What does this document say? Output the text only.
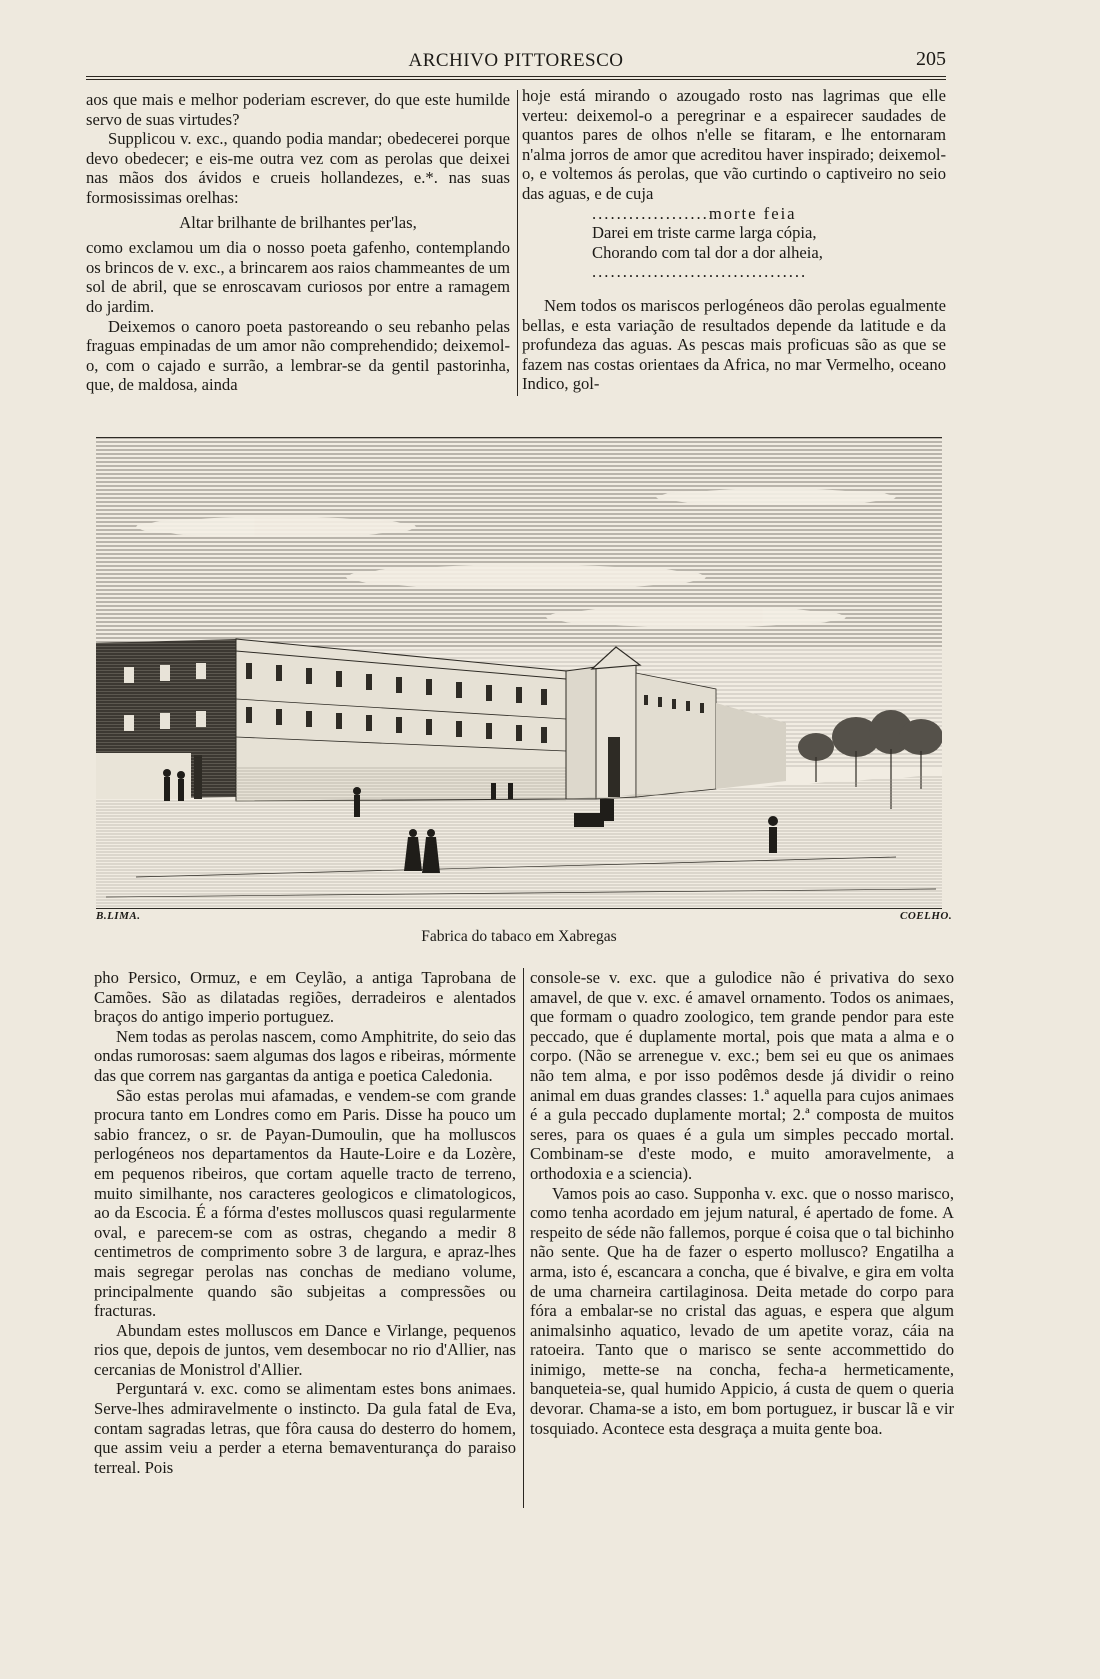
ARCHIVO PITTORESCO	205

aos que mais e melhor poderiam escrever, do que este humilde servo de suas virtudes?

Supplicou v. exc., quando podia mandar; obedecerei porque devo obedecer; e eis-me outra vez com as perolas que deixei nas mãos dos ávidos e crueis hollandezes, e.*. nas suas formosissimas orelhas:

Altar brilhante de brilhantes per'las,

como exclamou um dia o nosso poeta gafenho, contemplando os brincos de v. exc., a brincarem aos raios chammeantes de um sol de abril, que se enroscavam curiosos por entre a ramagem do jardim.

Deixemos o canoro poeta pastoreando o seu rebanho pelas fraguas empinadas de um amor não comprehendido; deixemol-o, com o cajado e surrão, a lembrar-se da gentil pastorinha, que, de maldosa, ainda

hoje está mirando o azougado rosto nas lagrimas que elle verteu: deixemol-o a peregrinar e a espairecer saudades de quantos pares de olhos n'elle se fitaram, e lhe entornaram n'alma jorros de amor que acreditou haver inspirado; deixemol-o, e voltemos ás perolas, que vão curtindo o captiveiro no seio das aguas, e de cuja

...................morte feia

Darei em triste carme larga cópia,

Chorando com tal dor a dor alheia,

...................................

Nem todos os mariscos perlogéneos dão perolas egualmente bellas, e esta variação de resultados depende da latitude e da profundeza das aguas. As pescas mais proficuas são as que se fazem nas costas orientaes da Africa, no mar Vermelho, oceano Indico, gol-

B.LIMA.	COELHO.
Fabrica do tabaco em Xabregas

pho Persico, Ormuz, e em Ceylão, a antiga Taprobana de Camões. São as dilatadas regiões, derradeiros e alentados braços do antigo imperio portuguez.

Nem todas as perolas nascem, como Amphitrite, do seio das ondas rumorosas: saem algumas dos lagos e ribeiras, mórmente das que correm nas gargantas da antiga e poetica Caledonia.

São estas perolas mui afamadas, e vendem-se com grande procura tanto em Londres como em Paris. Disse ha pouco um sabio francez, o sr. de Payan-Dumoulin, que ha molluscos perlogéneos nos departamentos da Haute-Loire e da Lozère, em pequenos ribeiros, que cortam aquelle tracto de terreno, muito similhante, nos caracteres geologicos e climatologicos, ao da Escocia. É a fórma d'estes molluscos quasi regularmente oval, e parecem-se com as ostras, chegando a medir 8 centimetros de comprimento sobre 3 de largura, e apraz-lhes mais segregar perolas nas conchas de mediano volume, principalmente quando são subjeitas a compressões ou fracturas.

Abundam estes molluscos em Dance e Virlange, pequenos rios que, depois de juntos, vem desembocar no rio d'Allier, nas cercanias de Monistrol d'Allier.

Perguntará v. exc. como se alimentam estes bons animaes. Serve-lhes admiravelmente o instincto. Da gula fatal de Eva, contam sagradas letras, que fôra causa do desterro do homem, que assim veiu a perder a eterna bemaventurança do paraiso terreal. Pois

console-se v. exc. que a gulodice não é privativa do sexo amavel, de que v. exc. é amavel ornamento. Todos os animaes, que formam o quadro zoologico, tem grande pendor para este peccado, que é duplamente mortal, pois que mata a alma e o corpo. (Não se arrenegue v. exc.; bem sei eu que os animaes não tem alma, e por isso podêmos desde já dividir o reino animal em duas grandes classes: 1.ª aquella para cujos animaes é a gula peccado duplamente mortal; 2.ª composta de muitos seres, para os quaes é a gula um simples peccado mortal. Combinam-se d'este modo, e muito amoravelmente, a orthodoxia e a sciencia).

Vamos pois ao caso. Supponha v. exc. que o nosso marisco, como tenha acordado em jejum natural, é apertado de fome. A respeito de séde não fallemos, porque é coisa que o tal bichinho não sente. Que ha de fazer o esperto mollusco? Engatilha a arma, isto é, escancara a concha, que é bivalve, e gira em volta de uma charneira cartilaginosa. Deita metade do corpo para fóra a embalar-se no cristal das aguas, e espera que algum animalsinho aquatico, levado de um apetite voraz, cáia na ratoeira. Tanto que o marisco se sente accommettido do inimigo, mette-se na concha, fecha-a hermeticamente, banqueteia-se, qual humido Appicio, á custa de quem o queria devorar. Chama-se a isto, em bom portuguez, ir buscar lã e vir tosquiado. Acontece esta desgraça a muita gente boa.
